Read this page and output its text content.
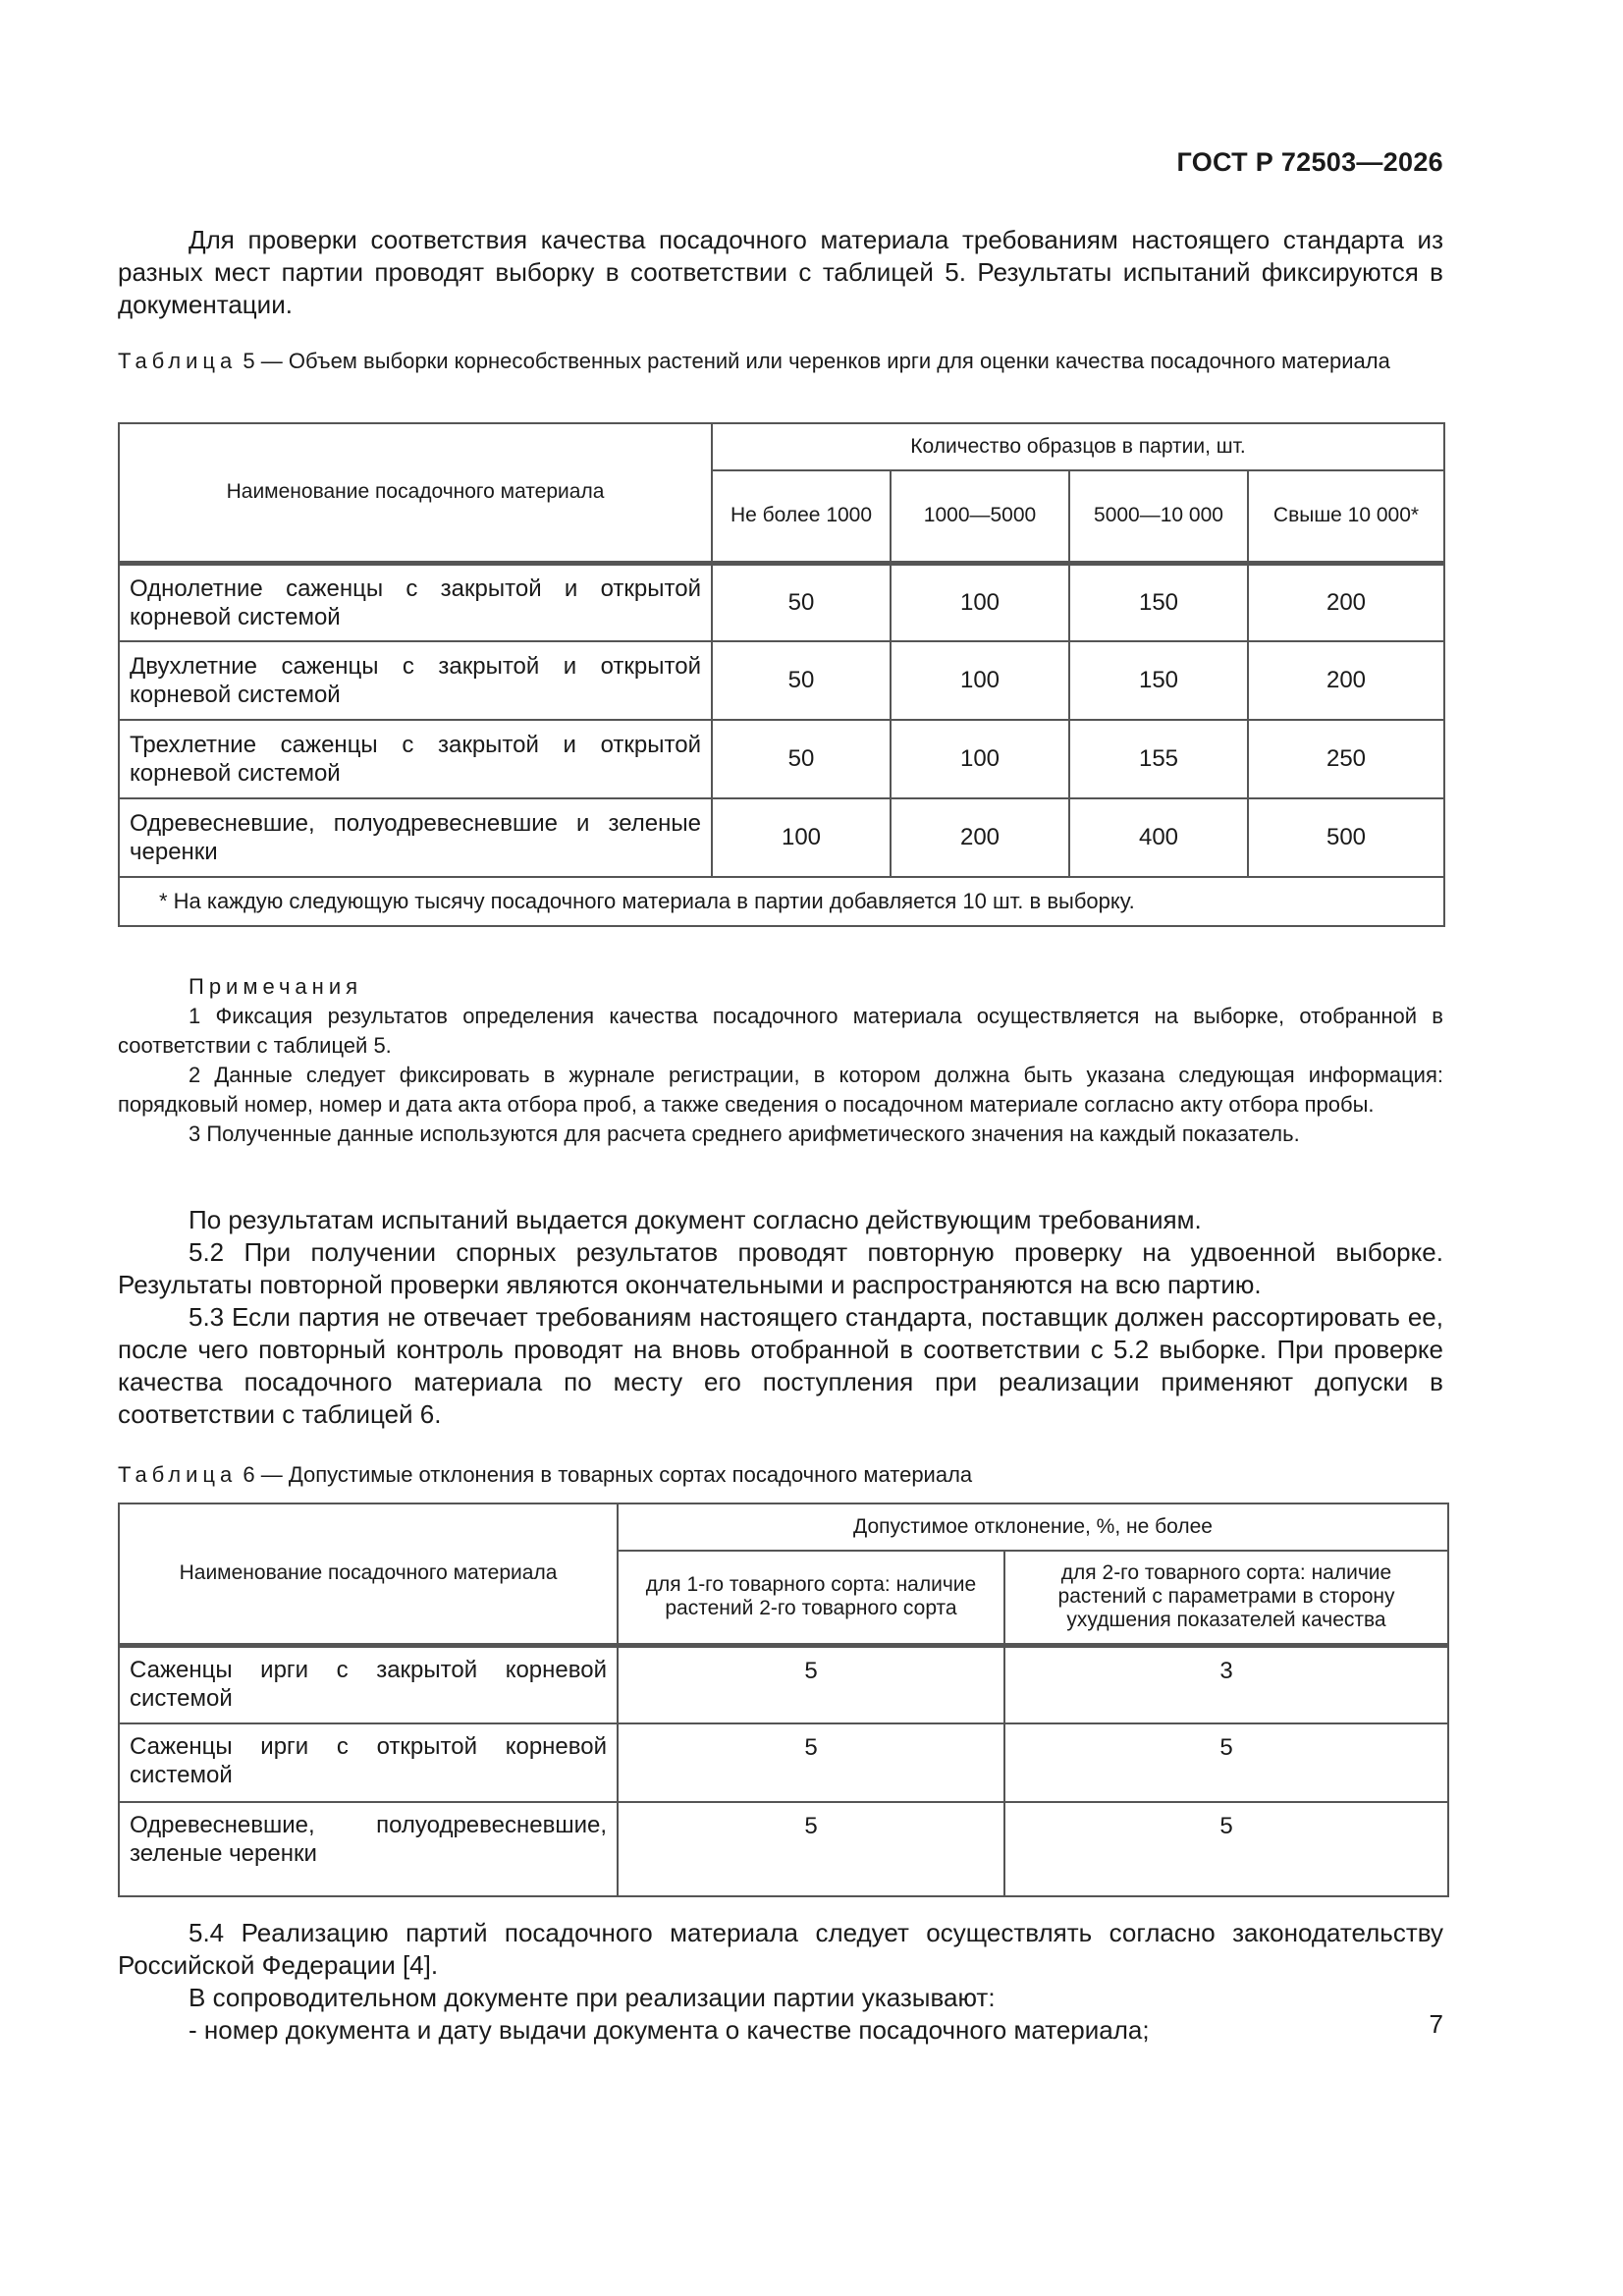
ГОСТ Р 72503—2026

Для проверки соответствия качества посадочного материала требованиям настоящего стандарта из разных мест партии проводят выборку в соответствии с таблицей 5. Результаты испытаний фиксируются в документации.

Таблица 5 — Объем выборки корнесобственных растений или черенков ирги для оценки качества посадочного материала

Наименование посадочного материала	Количество образцов в партии, шт.			
	Не более 1000	1000—5000	5000—10 000	Свыше 10 000*
Однолетние саженцы с закрытой и открытой корневой системой	50	100	150	200
Двухлетние саженцы с закрытой и открытой корневой системой	50	100	150	200
Трехлетние саженцы с закрытой и открытой корневой системой	50	100	155	250
Одревесневшие, полуодревесневшие и зеленые черенки	100	200	400	500
* На каждую следующую тысячу посадочного материала в партии добавляется 10 шт. в выборку.				

Примечания

1 Фиксация результатов определения качества посадочного материала осуществляется на выборке, отобранной в соответствии с таблицей 5.

2 Данные следует фиксировать в журнале регистрации, в котором должна быть указана следующая информация: порядковый номер, номер и дата акта отбора проб, а также сведения о посадочном материале согласно акту отбора пробы.

3 Полученные данные используются для расчета среднего арифметического значения на каждый показатель.

По результатам испытаний выдается документ согласно действующим требованиям.

5.2 При получении спорных результатов проводят повторную проверку на удвоенной выборке. Результаты повторной проверки являются окончательными и распространяются на всю партию.

5.3 Если партия не отвечает требованиям настоящего стандарта, поставщик должен рассортировать ее, после чего повторный контроль проводят на вновь отобранной в соответствии с 5.2 выборке. При проверке качества посадочного материала по месту его поступления при реализации применяют допуски в соответствии с таблицей 6.

Таблица 6 — Допустимые отклонения в товарных сортах посадочного материала

Наименование посадочного материала	Допустимое отклонение, %, не более	
	для 1-го товарного сорта: наличие растений 2-го товарного сорта	для 2-го товарного сорта: наличие растений с параметрами в сторону ухудшения показателей качества
Саженцы ирги с закрытой корневой системой	5	3
Саженцы ирги с открытой корневой системой	5	5
Одревесневшие, полуодревесневшие, зеленые черенки	5	5

5.4 Реализацию партий посадочного материала следует осуществлять согласно законодательству Российской Федерации [4].

В сопроводительном документе при реализации партии указывают:

- номер документа и дату выдачи документа о качестве посадочного материала;	7
